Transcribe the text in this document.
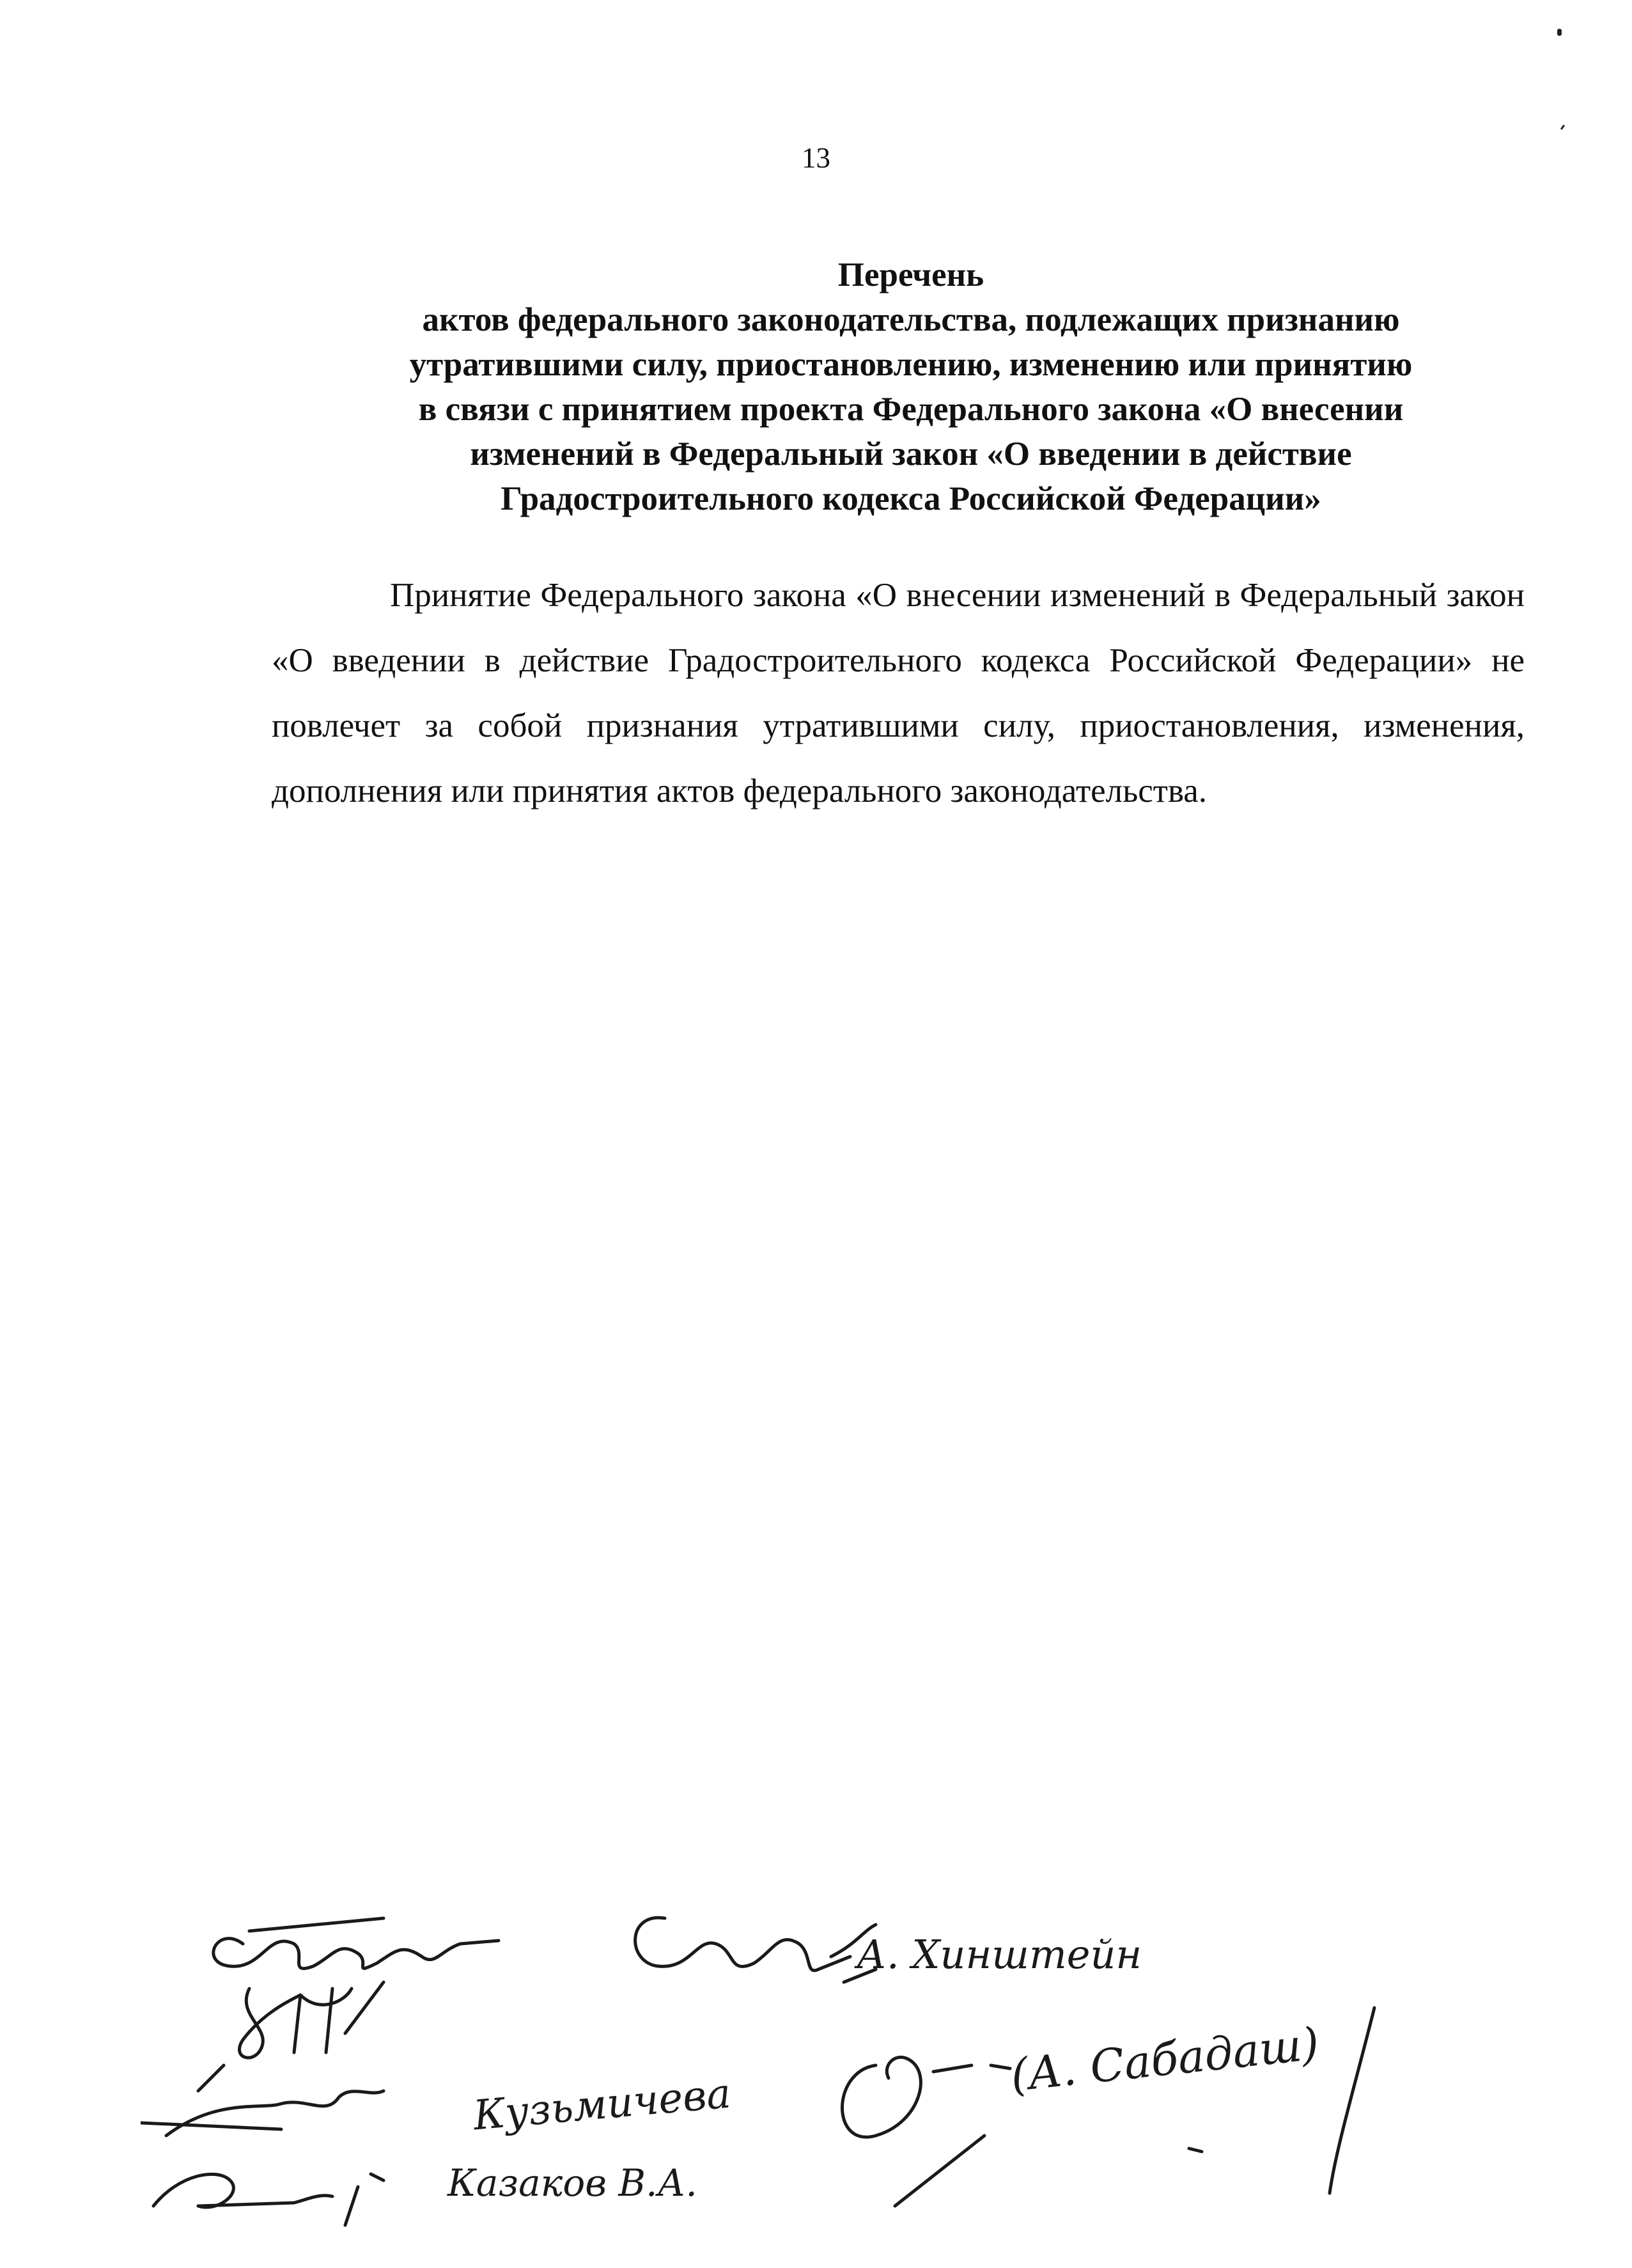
13
Перечень
актов федерального законодательства, подлежащих признанию
утратившими силу, приостановлению, изменению или принятию
в связи с принятием проекта Федерального закона «О внесении
изменений в Федеральный закон «О введении в действие
Градостроительного кодекса Российской Федерации»

Принятие Федерального закона «О внесении изменений в Федеральный закон «О введении в действие Градостроительного кодекса Российской Федерации» не повлечет за собой признания утратившими силу, приостановления, изменения, дополнения или принятия актов федерального законодательства.

А. Хинштейн
(А. Сабадаш)
Кузьмичева
Казаков В.А.
